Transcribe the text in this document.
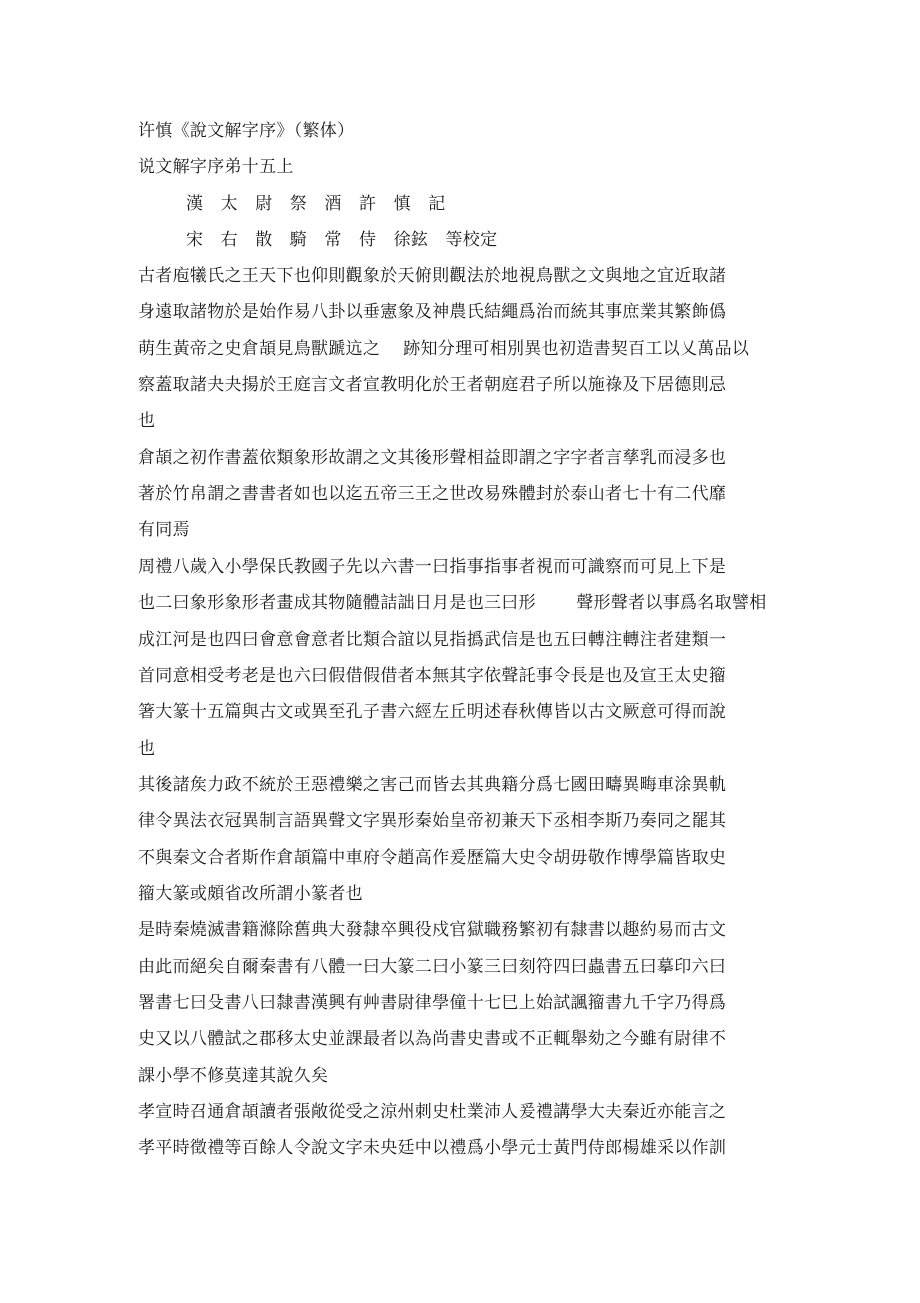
许慎《說文解字序》（繁体）
说文解字序弟十五上
漢　太　尉　祭　酒　許　慎　記
宋　右　散　騎　常　侍　徐鉉　等校定
古者庖犧氏之王天下也仰則觀象於天俯則觀法於地視鳥獸之文與地之宜近取諸
身遠取諸物於是始作易八卦以垂憲象及神農氏結繩爲治而統其事庶業其繁飾僞
萌生黃帝之史倉頡見鳥獸蹏迒之　 跡知分理可相別異也初造書契百工以乂萬品以
察蓋取諸夬夬揚於王庭言文者宣教明化於王者朝庭君子所以施祿及下居德則忌
也
倉頡之初作書蓋依類象形故謂之文其後形聲相益即謂之字字者言孳乳而浸多也
著於竹帛謂之書書者如也以迄五帝三王之世改易殊體封於泰山者七十有二代靡
有同焉
周禮八歲入小學保氏教國子先以六書一曰指事指事者視而可識察而可見上下是
也二曰象形象形者畫成其物隨體詰詘日月是也三曰形　　 聲形聲者以事爲名取譬相
成江河是也四曰會意會意者比類合誼以見指撝武信是也五曰轉注轉注者建類一
首同意相受考老是也六曰假借假借者本無其字依聲託事令長是也及宣王太史籀
箸大篆十五篇與古文或異至孔子書六經左丘明述春秋傳皆以古文厥意可得而說
也
其後諸矦力政不統於王惡禮樂之害己而皆去其典籍分爲七國田疇異畮車涂異軌
律令異法衣冠異制言語異聲文字異形秦始皇帝初兼天下丞相李斯乃奏同之罷其
不與秦文合者斯作倉頡篇中車府令趙高作爰歷篇大史令胡毋敬作博學篇皆取史
籀大篆或頗省改所謂小篆者也
是時秦燒滅書籍滌除舊典大發隸卒興役戍官獄職務繁初有隸書以趣約易而古文
由此而絕矣自爾秦書有八體一曰大篆二曰小篆三曰刻符四曰蟲書五曰摹印六曰
署書七曰殳書八曰隸書漢興有艸書尉律學僮十七巳上始試諷籀書九千字乃得爲
史又以八體試之郡移太史並課最者以為尚書史書或不正輒舉劾之今雖有尉律不
課小學不修莫達其說久矣
孝宣時召通倉頡讀者張敞從受之涼州刺史杜業沛人爰禮講學大夫秦近亦能言之
孝平時徵禮等百餘人令說文字未央廷中以禮爲小學元士黃門侍郎楊雄采以作訓
